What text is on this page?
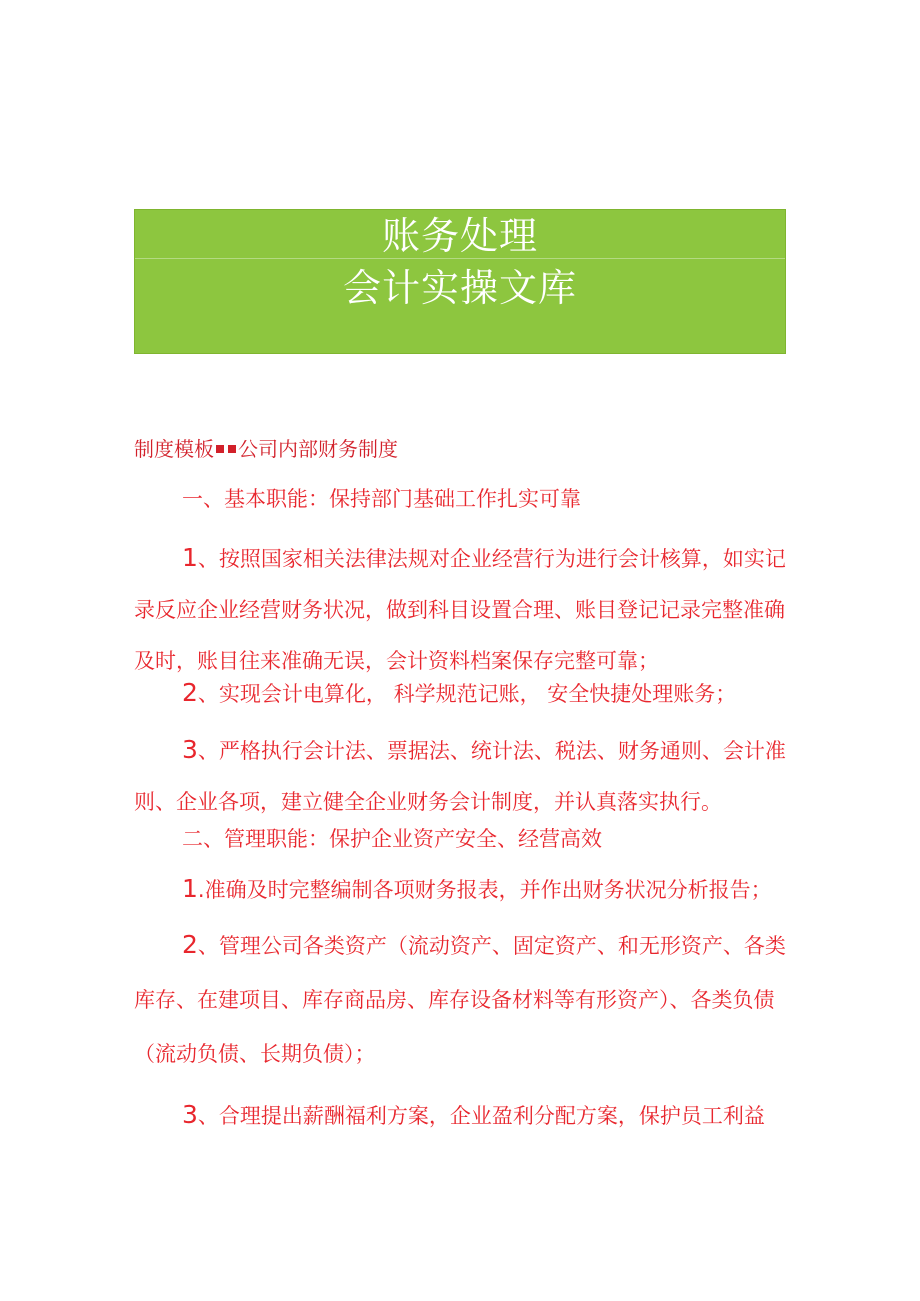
账务处理
会计实操文库

制度模板 公司内部财务制度

一、基本职能：保持部门基础工作扎实可靠

1、按照国家相关法律法规对企业经营行为进行会计核算，如实记录反应企业经营财务状况，做到科目设置合理、账目登记记录完整准确及时，账目往来准确无误，会计资料档案保存完整可靠；

2、实现会计电算化， 科学规范记账， 安全快捷处理账务；

3、严格执行会计法、票据法、统计法、税法、财务通则、会计准则、企业各项，建立健全企业财务会计制度，并认真落实执行。

二、管理职能：保护企业资产安全、经营高效

1.准确及时完整编制各项财务报表，并作出财务状况分析报告；

2、管理公司各类资产（流动资产、固定资产、和无形资产、各类库存、在建项目、库存商品房、库存设备材料等有形资产）、各类负债（流动负债、长期负债）；

3、合理提出薪酬福利方案，企业盈利分配方案，保护员工利益
